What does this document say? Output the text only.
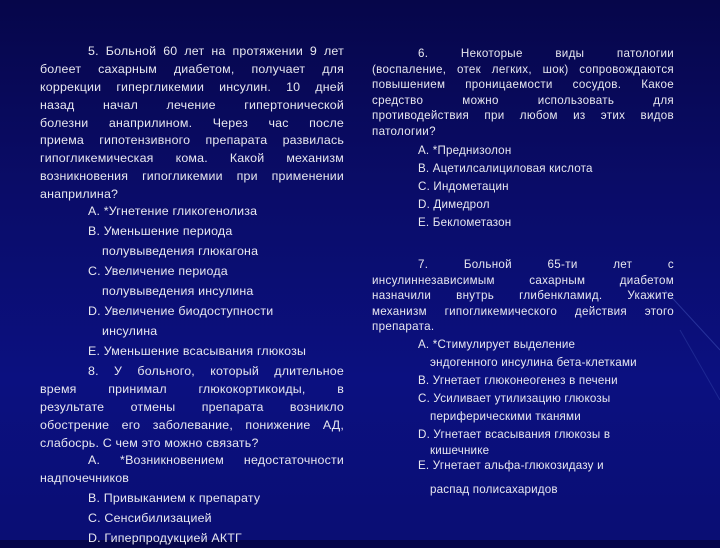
5. Больной 60 лет на протяжении 9 лет
болеет сахарным диабетом, получает для
коррекции гипергликемии инсулин. 10 дней
назад начал лечение гипертонической
болезни анаприлином. Через час после
приема гипотензивного препарата развилась
гипогликемическая кома. Какой механизм
возникновения гипогликемии при применении
анаприлина?
А. *Угнетение гликогенолиза
В. Уменьшение периода
полувыведения глюкагона
С. Увеличение периода
полувыведения инсулина
D. Увеличение биодоступности
инсулина
Е. Уменьшение всасывания глюкозы
8. У больного, который длительное
время принимал глюкокортикоиды, в
результате отмены препарата возникло
обострение его заболевание, понижение АД,
слабосрь. С чем это можно связать?
А. *Возникновением недостаточности
надпочечников
В. Привыканием к препарату
С. Сенсибилизацией
D. Гиперпродукцией АКТГ
6. Некоторые виды патологии
(воспаление, отек легких, шок) сопровождаются
повышением проницаемости сосудов. Какое
средство можно использовать для
противодействия при любом из этих видов
патологии?
А. *Преднизолон
В. Ацетилсалициловая кислота
С. Индометацин
D. Димедрол
Е. Беклометазон
7. Больной 65-ти лет с
инсулиннезависимым сахарным диабетом
назначили внутрь глибенкламид. Укажите
механизм гипогликемического действия этого
препарата.
А. *Стимулирует выделение
эндогенного инсулина бета-клетками
В. Угнетает глюконеогенез в печени
С. Усиливает утилизацию глюкозы
периферическими тканями
D. Угнетает всасывания глюкозы в
кишечнике
Е. Угнетает альфа-глюкозидазу и
распад полисахаридов
